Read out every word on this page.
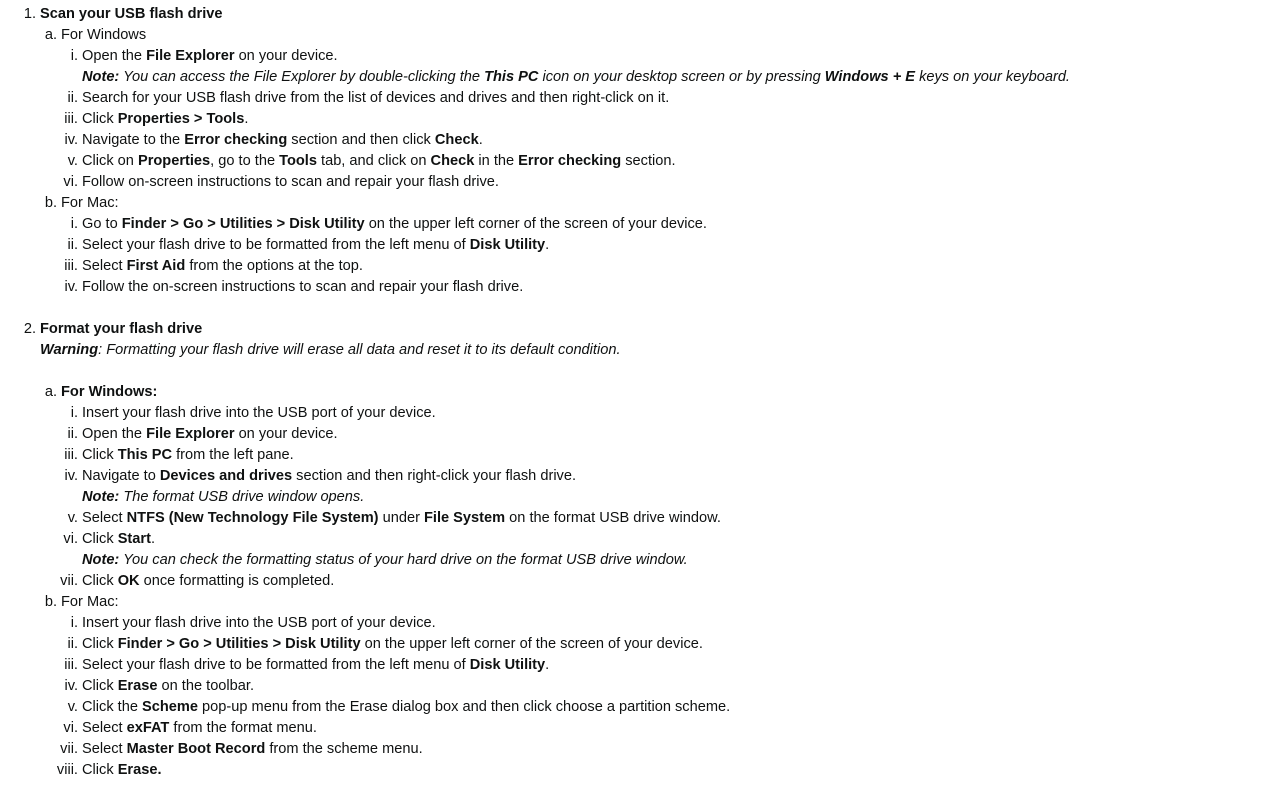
1. Scan your USB flash drive
a. For Windows
i. Open the File Explorer on your device.
Note: You can access the File Explorer by double-clicking the This PC icon on your desktop screen or by pressing Windows + E keys on your keyboard.
ii. Search for your USB flash drive from the list of devices and drives and then right-click on it.
iii. Click Properties > Tools.
iv. Navigate to the Error checking section and then click Check.
v. Click on Properties, go to the Tools tab, and click on Check in the Error checking section.
vi. Follow on-screen instructions to scan and repair your flash drive.
b. For Mac:
i. Go to Finder > Go > Utilities > Disk Utility on the upper left corner of the screen of your device.
ii. Select your flash drive to be formatted from the left menu of Disk Utility.
iii. Select First Aid from the options at the top.
iv. Follow the on-screen instructions to scan and repair your flash drive.
2. Format your flash drive
Warning: Formatting your flash drive will erase all data and reset it to its default condition.
a. For Windows:
i. Insert your flash drive into the USB port of your device.
ii. Open the File Explorer on your device.
iii. Click This PC from the left pane.
iv. Navigate to Devices and drives section and then right-click your flash drive.
Note: The format USB drive window opens.
v. Select NTFS (New Technology File System) under File System on the format USB drive window.
vi. Click Start.
Note: You can check the formatting status of your hard drive on the format USB drive window.
vii. Click OK once formatting is completed.
b. For Mac:
i. Insert your flash drive into the USB port of your device.
ii. Click Finder > Go > Utilities > Disk Utility on the upper left corner of the screen of your device.
iii. Select your flash drive to be formatted from the left menu of Disk Utility.
iv. Click Erase on the toolbar.
v. Click the Scheme pop-up menu from the Erase dialog box and then click choose a partition scheme.
vi. Select exFAT from the format menu.
vii. Select Master Boot Record from the scheme menu.
viii. Click Erase.
